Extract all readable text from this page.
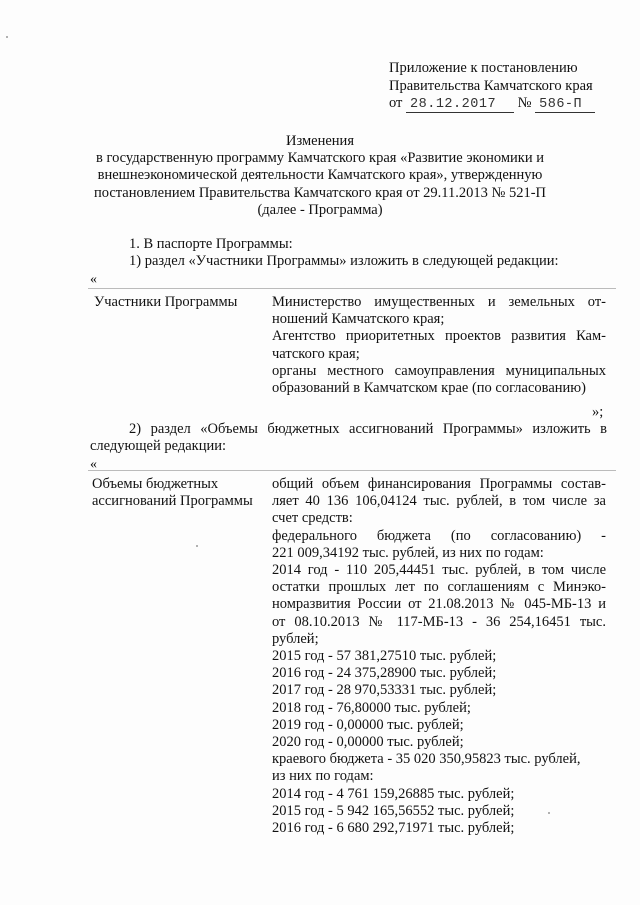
Приложение к постановлению
Правительства Камчатского края
от 28.12.2017 № 586-П
Изменения
в государственную программу Камчатского края «Развитие экономики и
внешнеэкономической деятельности Камчатского края», утвержденную
постановлением Правительства Камчатского края от 29.11.2013 № 521-П
(далее - Программа)
1. В паспорте Программы:
1) раздел «Участники Программы» изложить в следующей редакции:
«
Участники Программы Министерство имущественных и земельных от-
ношений Камчатского края;
Агентство приоритетных проектов развития Кам-
чатского края;
органы местного самоуправления муниципальных
образований в Камчатском крае (по согласованию)
»;
2) раздел «Объемы бюджетных ассигнований Программы» изложить в
следующей редакции:
«
Объемы бюджетных
ассигнований Программы
общий объем финансирования Программы состав-
ляет 40 136 106,04124 тыс. рублей, в том числе за
счет средств:
федерального бюджета (по согласованию) -
221 009,34192 тыс. рублей, из них по годам:
2014 год - 110 205,44451 тыс. рублей, в том числе
остатки прошлых лет по соглашениям с Минэко-
номразвития России от 21.08.2013 № 045-МБ-13 и
от 08.10.2013 № 117-МБ-13 - 36 254,16451 тыс.
рублей;
2015 год - 57 381,27510 тыс. рублей;
2016 год - 24 375,28900 тыс. рублей;
2017 год - 28 970,53331 тыс. рублей;
2018 год - 76,80000 тыс. рублей;
2019 год - 0,00000 тыс. рублей;
2020 год - 0,00000 тыс. рублей;
краевого бюджета - 35 020 350,95823 тыс. рублей,
из них по годам:
2014 год - 4 761 159,26885 тыс. рублей;
2015 год - 5 942 165,56552 тыс. рублей;
2016 год - 6 680 292,71971 тыс. рублей;
